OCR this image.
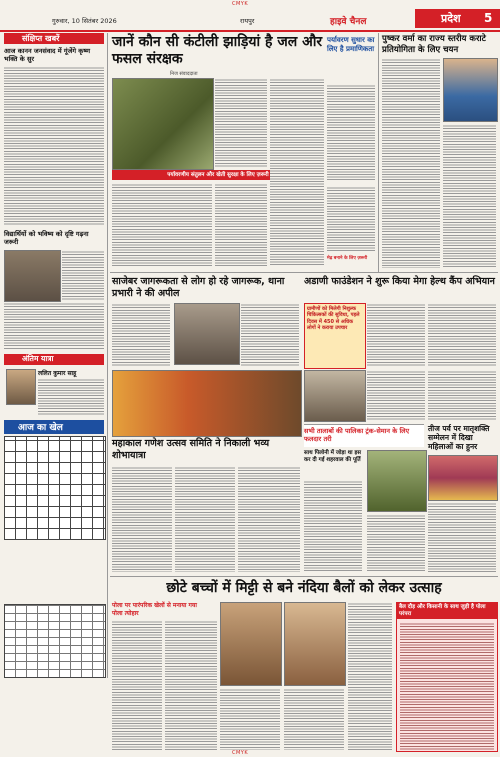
CMYK
गुरुवार, 10 सितंबर 2026	रायपुर	हाइवे चैनल	प्रदेश 5
संक्षिप्त खबरें
आज कानन जनसंवाद में गूंजेंगे कृष्ण भक्ति के सुर
विद्यार्थियों को भविष्य को दृष्टि गढ़ना जरूरी
अंतिम यात्रा
ललित कुमार साहू
आज का खेल
जानें कौन सी कंटीली झाड़ियां है जल और फसल संरक्षक
निज संवाददाता
पर्यावरणीय संतुलन और खेती सुरक्षा के लिए ज़रूरी
पर्यावरण सुधार का लिए है प्रमाणिकता
मेढ़ बनाने के लिए ज़रूरी
पुष्कर वर्मा का राज्य स्तरीय कराटे प्रतियोगिता के लिए चयन
साजेबर जागरूकता से लोग हो रहे जागरूक, थाना प्रभारी ने की अपील
अडाणी फाउंडेशन ने शुरू किया मेगा हेल्थ कैंप अभियान
ग्रामीणों को मिलेगी निशुल्क चिकित्सकों की सुविधा, पहले दिवस में 450 से अधिक लोगों ने कराया उपचार
महाकाल गणेश उत्सव समिति ने निकाली भव्य शोभायात्रा
सभी तालाबों की पालिका ट्रंक-सेमान के लिए फलदार तरी
साथ पिलोनी में जोड़ा था इस कर दी गई शहरवाल की पूर्ति
तीज पर्व पर मातृशक्ति सम्मेलन में दिखा महिलाओं का हुनर
छोटे बच्चों में मिट्टी से बने नंदिया बैलों को लेकर उत्साह
पोला पर पारंपरिक खेलों से मनाया गया पोला त्योहार
बैल दौड़ और किसानी के साथ जुड़ी है पोला परंपरा
CMYK
